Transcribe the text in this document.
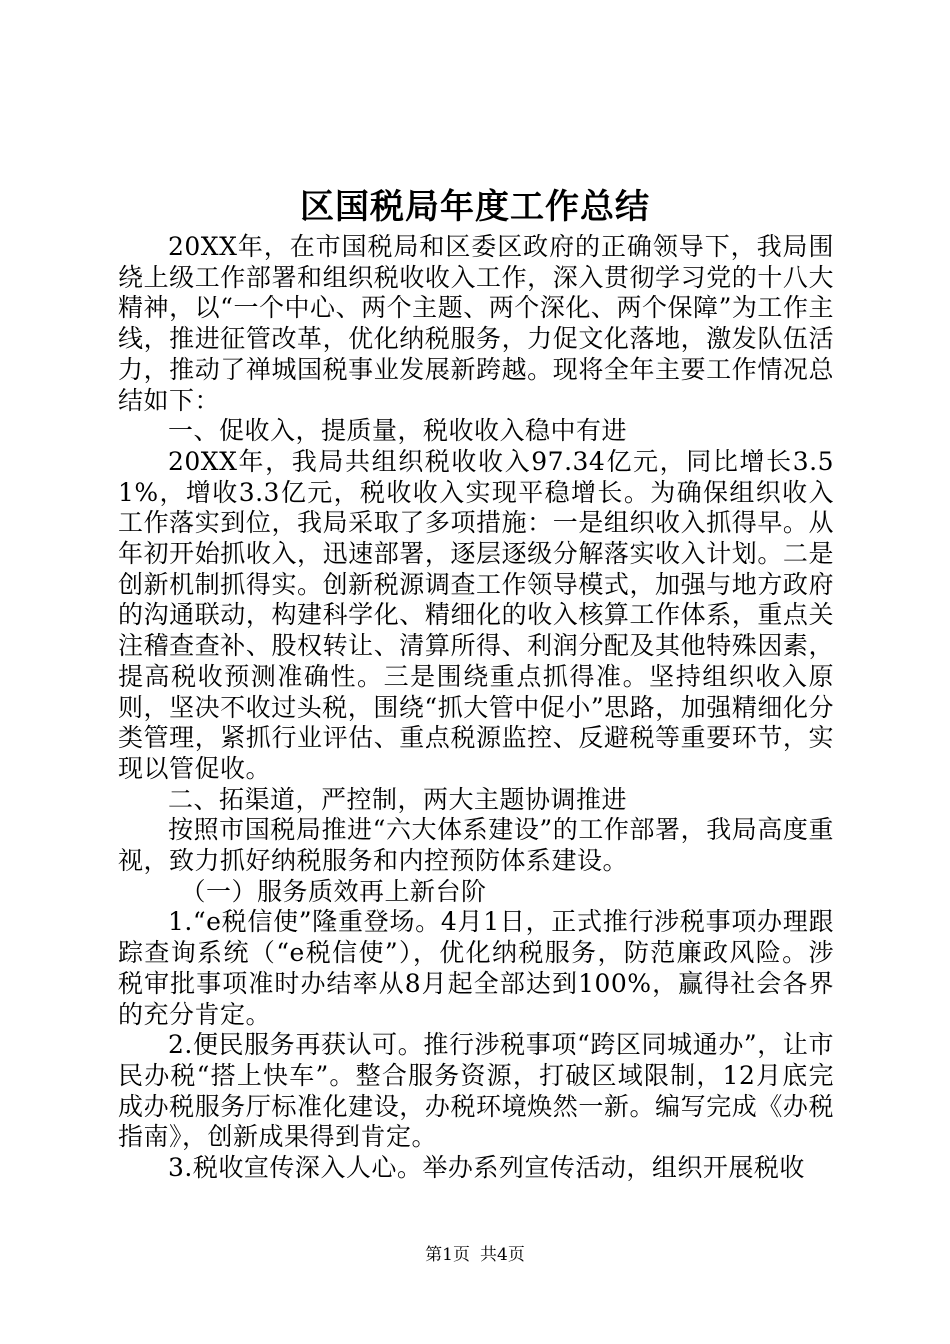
区国税局年度工作总结

20XX年，在市国税局和区委区政府的正确领导下，我局围绕上级工作部署和组织税收收入工作，深入贯彻学习党的十八大精神，以“一个中心、两个主题、两个深化、两个保障”为工作主线，推进征管改革，优化纳税服务，力促文化落地，激发队伍活力，推动了禅城国税事业发展新跨越。现将全年主要工作情况总结如下：

一、促收入，提质量，税收收入稳中有进

20XX年，我局共组织税收收入97.34亿元，同比增长3.51%，增收3.3亿元，税收收入实现平稳增长。为确保组织收入工作落实到位，我局采取了多项措施：一是组织收入抓得早。从年初开始抓收入，迅速部署，逐层逐级分解落实收入计划。二是创新机制抓得实。创新税源调查工作领导模式，加强与地方政府的沟通联动，构建科学化、精细化的收入核算工作体系，重点关注稽查查补、股权转让、清算所得、利润分配及其他特殊因素，提高税收预测准确性。三是围绕重点抓得准。坚持组织收入原则，坚决不收过头税，围绕“抓大管中促小”思路，加强精细化分类管理，紧抓行业评估、重点税源监控、反避税等重要环节，实现以管促收。

二、拓渠道，严控制，两大主题协调推进

按照市国税局推进“六大体系建设”的工作部署，我局高度重视，致力抓好纳税服务和内控预防体系建设。

（一）服务质效再上新台阶

1.“e税信使”隆重登场。4月1日，正式推行涉税事项办理跟踪查询系统（“e税信使”），优化纳税服务，防范廉政风险。涉税审批事项准时办结率从8月起全部达到100%，赢得社会各界的充分肯定。

2.便民服务再获认可。推行涉税事项“跨区同城通办”，让市民办税“搭上快车”。整合服务资源，打破区域限制，12月底完成办税服务厅标准化建设，办税环境焕然一新。编写完成《办税指南》，创新成果得到肯定。

3.税收宣传深入人心。举办系列宣传活动，组织开展税收

第1页 共4页
